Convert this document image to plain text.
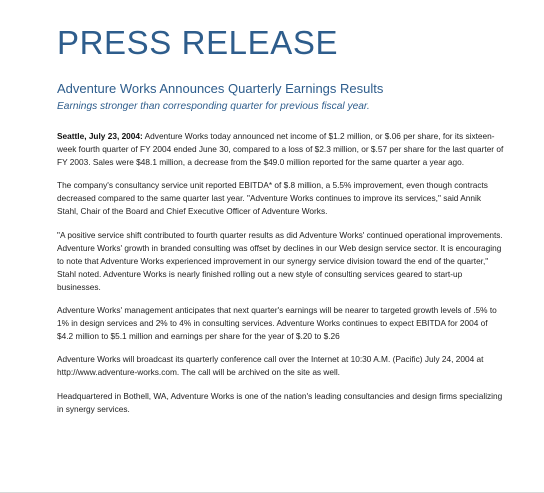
PRESS RELEASE
Adventure Works Announces Quarterly Earnings Results
Earnings stronger than corresponding quarter for previous fiscal year.

Seattle, July 23, 2004: Adventure Works today announced net income of $1.2 million, or $.06 per share, for its sixteen-week fourth quarter of FY 2004 ended June 30, compared to a loss of $2.3 million, or $.57 per share for the last quarter of FY 2003. Sales were $48.1 million, a decrease from the $49.0 million reported for the same quarter a year ago.

The company's consultancy service unit reported EBITDA* of $.8 million, a 5.5% improvement, even though contracts decreased compared to the same quarter last year. "Adventure Works continues to improve its services," said Annik Stahl, Chair of the Board and Chief Executive Officer of Adventure Works.

"A positive service shift contributed to fourth quarter results as did Adventure Works' continued operational improvements. Adventure Works' growth in branded consulting was offset by declines in our Web design service sector. It is encouraging to note that Adventure Works experienced improvement in our synergy service division toward the end of the quarter," Stahl noted. Adventure Works is nearly finished rolling out a new style of consulting services geared to start-up businesses.

Adventure Works' management anticipates that next quarter's earnings will be nearer to targeted growth levels of .5% to 1% in design services and 2% to 4% in consulting services. Adventure Works continues to expect EBITDA for 2004 of $4.2 million to $5.1 million and earnings per share for the year of $.20 to $.26

Adventure Works will broadcast its quarterly conference call over the Internet at 10:30 A.M. (Pacific) July 24, 2004 at http://www.adventure-works.com. The call will be archived on the site as well.

Headquartered in Bothell, WA, Adventure Works is one of the nation's leading consultancies and design firms specializing in synergy services.
